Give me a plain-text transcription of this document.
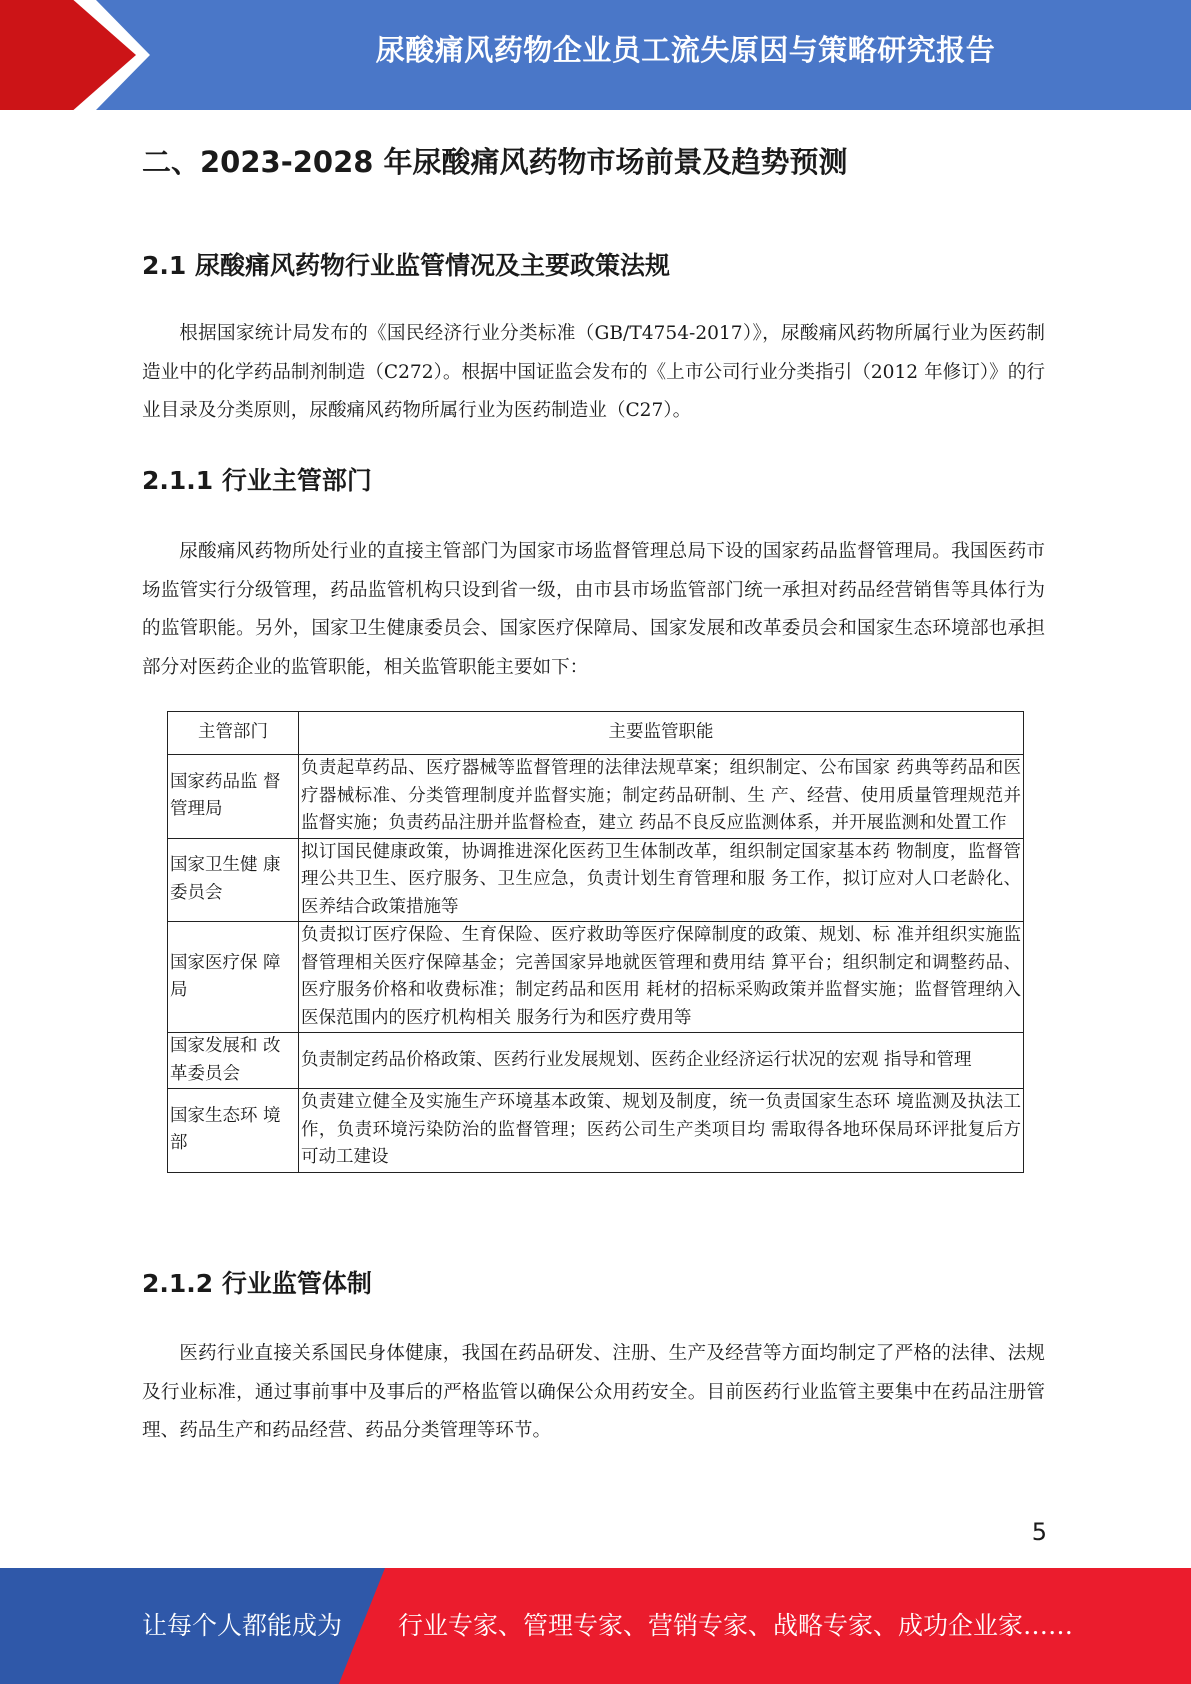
尿酸痛风药物企业员工流失原因与策略研究报告
二、2023-2028 年尿酸痛风药物市场前景及趋势预测
2.1 尿酸痛风药物行业监管情况及主要政策法规

根据国家统计局发布的《国民经济行业分类标准（GB/T4754-2017）》，尿酸痛风药物所属行业为医药制造业中的化学药品制剂制造（C272）。根据中国证监会发布的《上市公司行业分类指引（2012 年修订）》的行业目录及分类原则，尿酸痛风药物所属行业为医药制造业（C27）。

2.1.1 行业主管部门

尿酸痛风药物所处行业的直接主管部门为国家市场监督管理总局下设的国家药品监督管理局。我国医药市场监管实行分级管理，药品监管机构只设到省一级，由市县市场监管部门统一承担对药品经营销售等具体行为的监管职能。另外，国家卫生健康委员会、国家医疗保障局、国家发展和改革委员会和国家生态环境部也承担部分对医药企业的监管职能，相关监管职能主要如下：

主管部门	主要监管职能
国家药品监 督管理局	负责起草药品、医疗器械等监督管理的法律法规草案；组织制定、公布国家 药典等药品和医疗器械标准、分类管理制度并监督实施；制定药品研制、生 产、经营、使用质量管理规范并监督实施；负责药品注册并监督检查，建立 药品不良反应监测体系，并开展监测和处置工作
国家卫生健 康委员会	拟订国民健康政策，协调推进深化医药卫生体制改革，组织制定国家基本药 物制度，监督管理公共卫生、医疗服务、卫生应急，负责计划生育管理和服 务工作，拟订应对人口老龄化、医养结合政策措施等
国家医疗保 障局	负责拟订医疗保险、生育保险、医疗救助等医疗保障制度的政策、规划、标 准并组织实施监督管理相关医疗保障基金；完善国家异地就医管理和费用结 算平台；组织制定和调整药品、医疗服务价格和收费标准；制定药品和医用 耗材的招标采购政策并监督实施；监督管理纳入医保范围内的医疗机构相关 服务行为和医疗费用等
国家发展和 改革委员会	负责制定药品价格政策、医药行业发展规划、医药企业经济运行状况的宏观 指导和管理
国家生态环 境部	负责建立健全及实施生产环境基本政策、规划及制度，统一负责国家生态环 境监测及执法工作，负责环境污染防治的监督管理；医药公司生产类项目均 需取得各地环保局环评批复后方可动工建设
2.1.2 行业监管体制

医药行业直接关系国民身体健康，我国在药品研发、注册、生产及经营等方面均制定了严格的法律、法规及行业标准，通过事前事中及事后的严格监管以确保公众用药安全。目前医药行业监管主要集中在药品注册管理、药品生产和药品经营、药品分类管理等环节。

5
让每个人都能成为 行业专家、管理专家、营销专家、战略专家、成功企业家……
